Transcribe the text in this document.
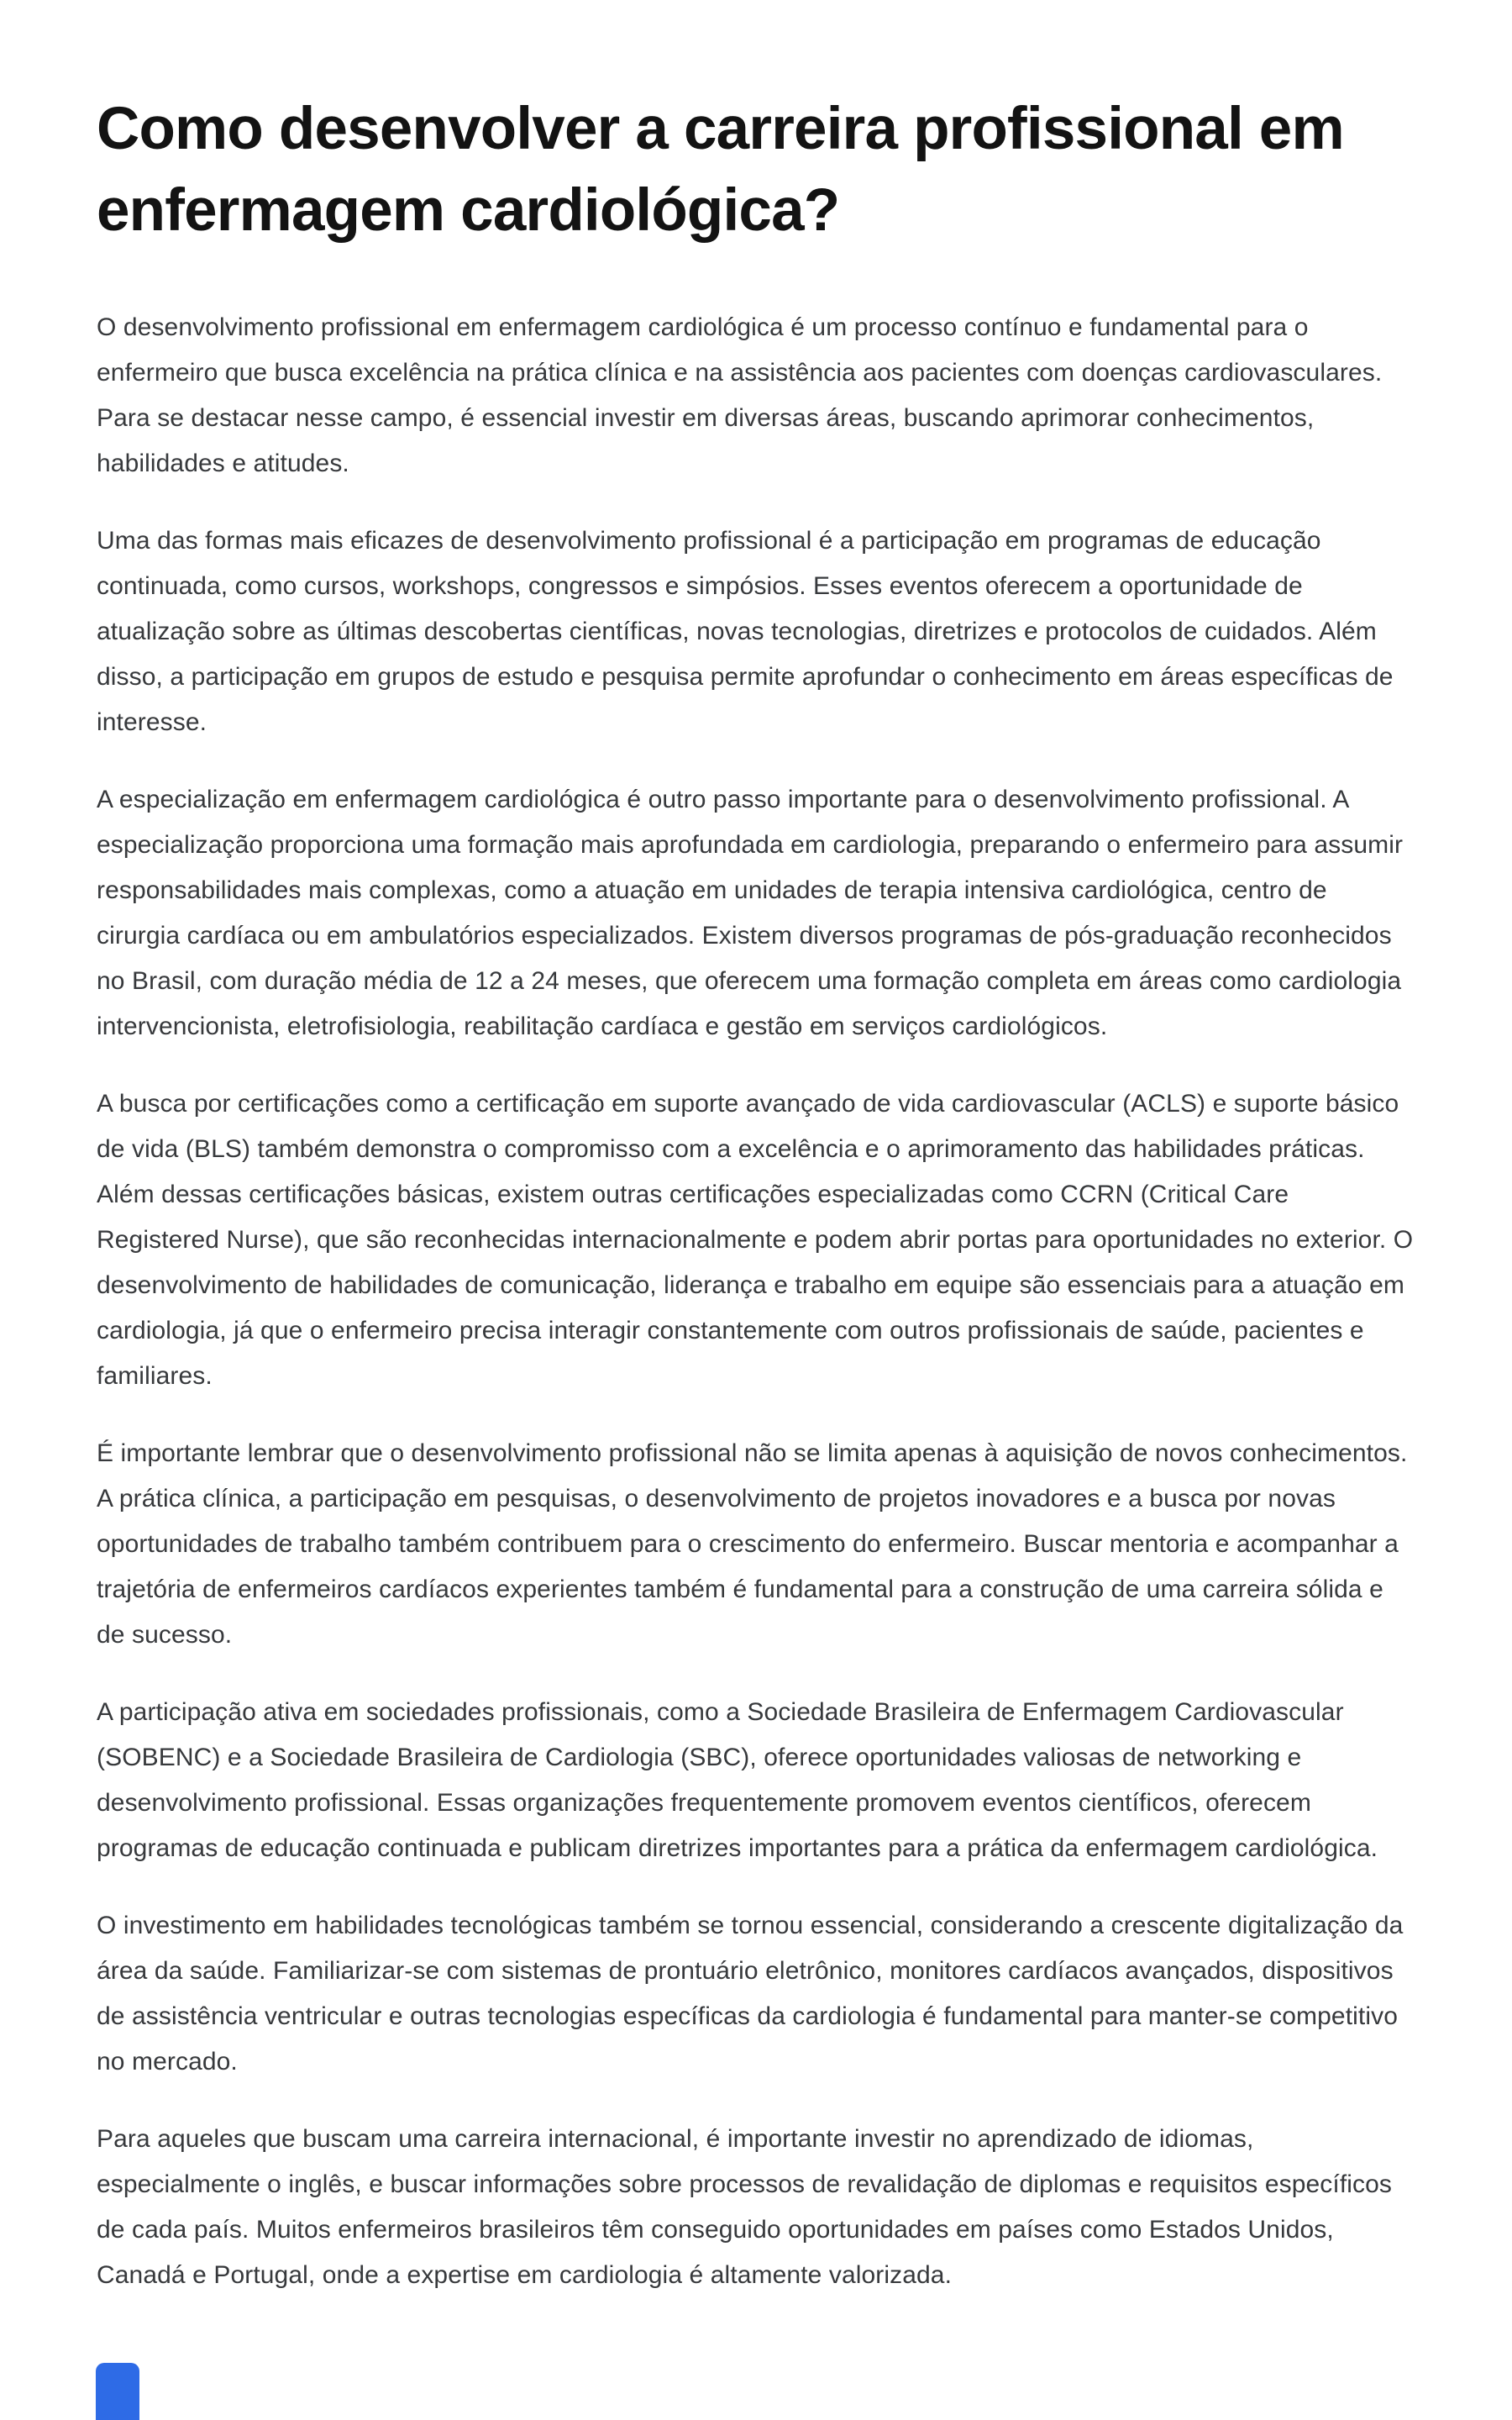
Como desenvolver a carreira profissional em enfermagem cardiológica?

O desenvolvimento profissional em enfermagem cardiológica é um processo contínuo e fundamental para o enfermeiro que busca excelência na prática clínica e na assistência aos pacientes com doenças cardiovasculares. Para se destacar nesse campo, é essencial investir em diversas áreas, buscando aprimorar conhecimentos, habilidades e atitudes.

Uma das formas mais eficazes de desenvolvimento profissional é a participação em programas de educação continuada, como cursos, workshops, congressos e simpósios. Esses eventos oferecem a oportunidade de atualização sobre as últimas descobertas científicas, novas tecnologias, diretrizes e protocolos de cuidados. Além disso, a participação em grupos de estudo e pesquisa permite aprofundar o conhecimento em áreas específicas de interesse.

A especialização em enfermagem cardiológica é outro passo importante para o desenvolvimento profissional. A especialização proporciona uma formação mais aprofundada em cardiologia, preparando o enfermeiro para assumir responsabilidades mais complexas, como a atuação em unidades de terapia intensiva cardiológica, centro de cirurgia cardíaca ou em ambulatórios especializados. Existem diversos programas de pós-graduação reconhecidos no Brasil, com duração média de 12 a 24 meses, que oferecem uma formação completa em áreas como cardiologia intervencionista, eletrofisiologia, reabilitação cardíaca e gestão em serviços cardiológicos.

A busca por certificações como a certificação em suporte avançado de vida cardiovascular (ACLS) e suporte básico de vida (BLS) também demonstra o compromisso com a excelência e o aprimoramento das habilidades práticas. Além dessas certificações básicas, existem outras certificações especializadas como CCRN (Critical Care Registered Nurse), que são reconhecidas internacionalmente e podem abrir portas para oportunidades no exterior. O desenvolvimento de habilidades de comunicação, liderança e trabalho em equipe são essenciais para a atuação em cardiologia, já que o enfermeiro precisa interagir constantemente com outros profissionais de saúde, pacientes e familiares.

É importante lembrar que o desenvolvimento profissional não se limita apenas à aquisição de novos conhecimentos. A prática clínica, a participação em pesquisas, o desenvolvimento de projetos inovadores e a busca por novas oportunidades de trabalho também contribuem para o crescimento do enfermeiro. Buscar mentoria e acompanhar a trajetória de enfermeiros cardíacos experientes também é fundamental para a construção de uma carreira sólida e de sucesso.

A participação ativa em sociedades profissionais, como a Sociedade Brasileira de Enfermagem Cardiovascular (SOBENC) e a Sociedade Brasileira de Cardiologia (SBC), oferece oportunidades valiosas de networking e desenvolvimento profissional. Essas organizações frequentemente promovem eventos científicos, oferecem programas de educação continuada e publicam diretrizes importantes para a prática da enfermagem cardiológica.

O investimento em habilidades tecnológicas também se tornou essencial, considerando a crescente digitalização da área da saúde. Familiarizar-se com sistemas de prontuário eletrônico, monitores cardíacos avançados, dispositivos de assistência ventricular e outras tecnologias específicas da cardiologia é fundamental para manter-se competitivo no mercado.

Para aqueles que buscam uma carreira internacional, é importante investir no aprendizado de idiomas, especialmente o inglês, e buscar informações sobre processos de revalidação de diplomas e requisitos específicos de cada país. Muitos enfermeiros brasileiros têm conseguido oportunidades em países como Estados Unidos, Canadá e Portugal, onde a expertise em cardiologia é altamente valorizada.
